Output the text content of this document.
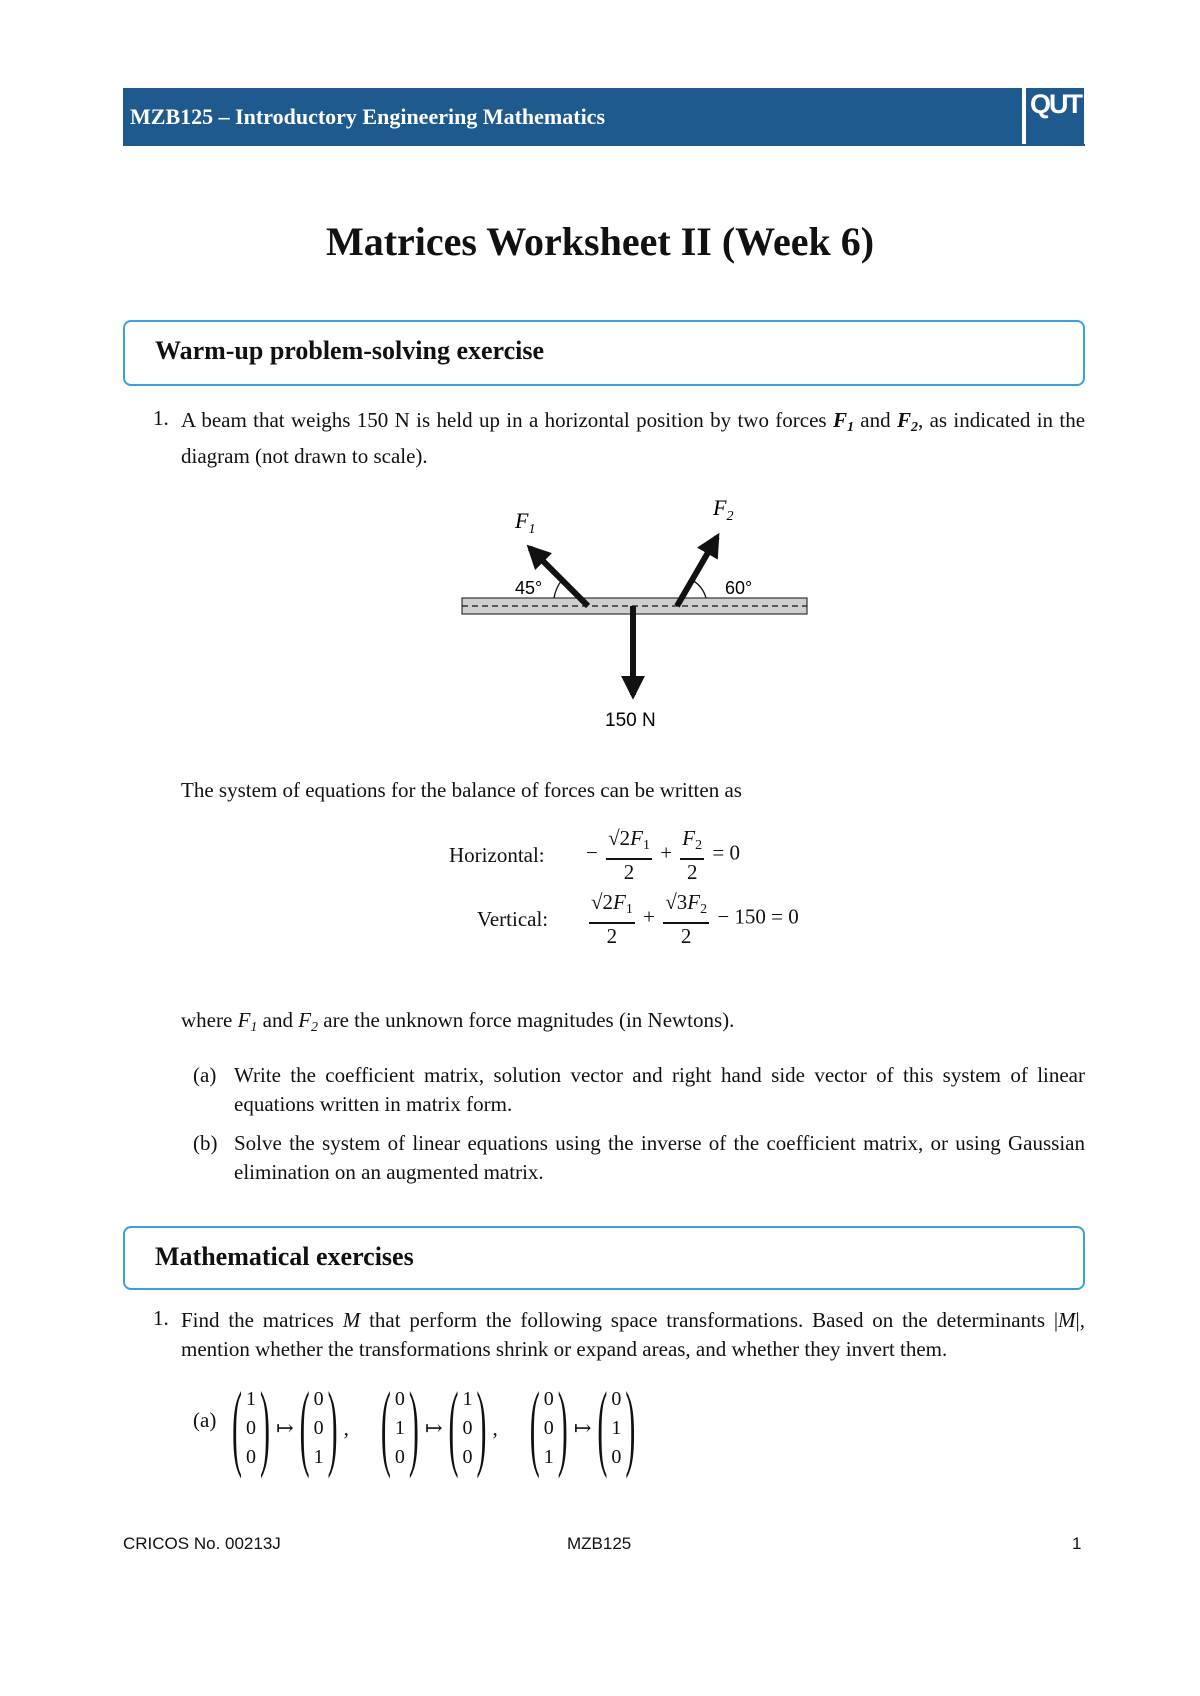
MZB125 – Introductory Engineering Mathematics	QUT
Matrices Worksheet II (Week 6)
Warm-up problem-solving exercise
1. A beam that weighs 150 N is held up in a horizontal position by two forces $F_1$ and $F_2$, as indicated in the diagram (not drawn to scale).
$F_1$
$F_2$
45°	60°
150 N
The system of equations for the balance of forces can be written as
Horizontal: − $\frac{√2F_1}{2} + \frac{F_2}{2} = 0$
Vertical: $\frac{√2F_1}{2} + \frac{√3F_2}{2} - 150 = 0$
where $F_1$ and $F_2$ are the unknown force magnitudes (in Newtons).
(a) Write the coefficient matrix, solution vector and right hand side vector of this system of linear equations written in matrix form.
(b) Solve the system of linear equations using the inverse of the coefficient matrix, or using Gaussian elimination on an augmented matrix.
Mathematical exercises
1. Find the matrices M that perform the following space transformations. Based on the determinants |M|, mention whether the transformations shrink or expand areas, and whether they invert them.
(a) ( 1
0
0 ) ↦ ( 0
0
1 ) , ( 0
1
0 ) ↦ ( 1
0
0 ) , ( 0
0
1 ) ↦ ( 0
1
0 )
CRICOS No. 00213J	MZB125	1
